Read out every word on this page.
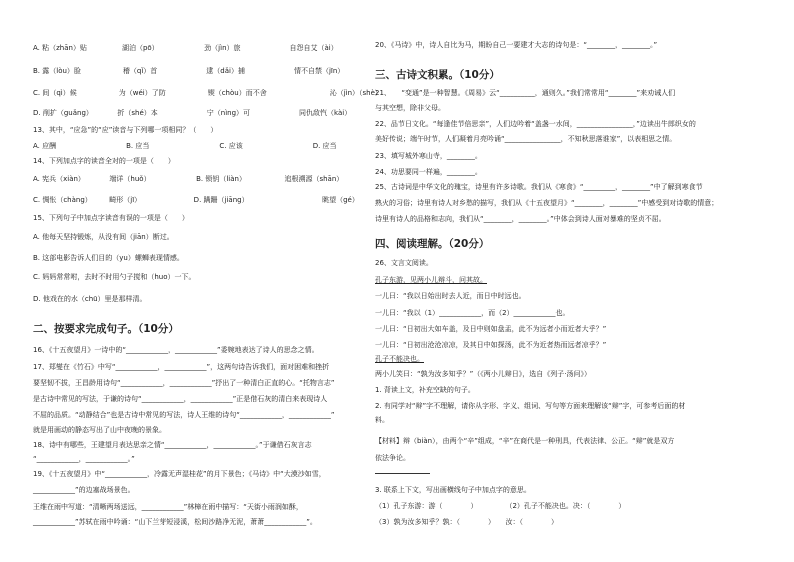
A. 粘（zhān）贴　　　　　湖泊（pō）　　　　　　　劲（jìn）旅　　　　　　　自怨自艾（ài）
B. 露（lòu）脸　　　　　　稽（qǐ）首　　　　　　　逮（dǎi）捕　　　　　　　情不自禁（jīn）
C. 间（qì）候　　　　　　为（wéi）了防　　　　　　锲（chòu）而不舍　　　　　　　　　沁（jìn）（shè）
D. 削扩（guǎng）　　　　折（shé）本　　　　　　　宁（nìng）可　　　　　　　同仇敌忾（kài）
13、其中，“应急”的“应”读音与下列哪一项相同？（　　）
A. 应酬　　　　　　　　　　B. 应当　　　　　　　　　　C. 应该　　　　　　　　　　D. 应当
14、下列加点字的读音全对的一项是（　　）
A. 宪兵（xiàn）　　　　端详（huǒ）　　　　　　　B. 锁钥（liàn）　　　　　　追根溯源（shān）
C. 惆怅（chàng）　　　畸形（jī）　　　　　　　　D. 蹒跚（jiāng）　　　　　　　　　　　眺望（gé）
15、下列句子中加点字读音有误的一项是（　　）
A. 他每天坚持锻炼，从没有间（jiān）断过。
B. 这部电影告诉人们目的（yu）螺蛳表现情感。
C. 妈妈常常咐，去时不时用勺子搅和（huo）一下。
D. 他戏在的水（chū）里是那样清。
二、按要求完成句子。（10分）
16、《十五夜望月》一诗中的“____________，____________”委婉地表达了诗人的思念之情。
17、郑燮在《竹石》中写“____________，____________”，这两句诗告诉我们，面对困难和挫折
要坚韧不拔，王昌龄用诗句“____________，____________”抒出了一种清白正直的心。“托物言志”
是古诗中常见的写法，于谦的诗句“____________，____________”正是借石灰的清白来表现诗人
不屈的品质。“动静结合”也是古诗中常见的写法，诗人王维的诗句“____________，____________”
就是用画动的静态写出了山中夜晚的景象。
18、诗中有哪些，王建望月表达思亲之情“____________，____________。”于谦借石灰言志
“____________，____________。”
19、《十五夜望月》中“____________，冷露无声湿桂花”的月下景色；《马诗》中“大漠沙如雪，
____________”的边塞战场景色。
王维在雨中写道：“清晰两场送远，____________”林樟在雨中描写：“天街小雨润如酥，
____________”苏轼在雨中吟诵：“山下兰芽短浸溪，松间沙路净无泥，萧萧____________”。
20、《马诗》中，诗人自比为马，期盼自己一要建才大志的诗句是：“________，________。”
三、古诗文积累。（10分）
21、　　“变通”是一种智慧。《周易》云“__________，通则久。”我们常常用“________”来劝诫人们
与其空想，除非父母。
22、品节日文化。“每逢佳节倍思亲”，人们边吟着“盖盏一水间，________________，”边读出牛郎织女的
美好传说；端午时节，人们凝着月亮吟诵“________________，不知秋思落谁家”，以表相思之情。
23、填写城外寒山寺，________。
24、功思要同一样遍，________。
25、古诗词是中华文化的瑰宝，诗里有许多诗歌。我们从《寒食》“_________，________”中了解到寒食节
熟火的习俗；诗里有诗人对乡愁的描写，我们从《十五夜望月》“________，________”中感受到对诗歌的情意；
诗里有诗人的品格和志向，我们从“________，________。”中体会到诗人面对暴难的坚贞不屈。
四、阅读理解。（20分）
26、文言文阅读。
孔子东游，见两小儿辩斗，问其故。
一儿曰：“我以日始出时去人近，而日中时远也。
一儿曰：“我以（1）____________，而（2）____________也。
一儿曰：“日初出大如车盖，及日中则如盘盂，此不为远者小而近者大乎？”
一儿曰：“日初出沧沧凉凉，及其日中如探汤，此不为近者热而远者凉乎？”
孔子不能决也。
两小儿笑曰：“孰为汝多知乎？”（《两小儿辩日》，选自《列子·汤问》）
1. 背读上文，补充空缺的句子。
2. 有同学对“辩”字不理解，请你从字形、字义、组词、写句等方面来理解该“辩”字，可参考后面的材
料。
【材料】辩（biàn），由两个“辛”组成，“辛”在商代是一种刑具，代表法律、公正。“辩”就是双方
依法争论。
3. 联系上下文，写出画横线句子中加点字的意思。
（1）孔子东游：游（　　　　）　　　　　（2）孔子不能决也。决：（　　　　）
（3）孰为汝多知乎？孰：（　　　　）　　汝：（　　　　）
